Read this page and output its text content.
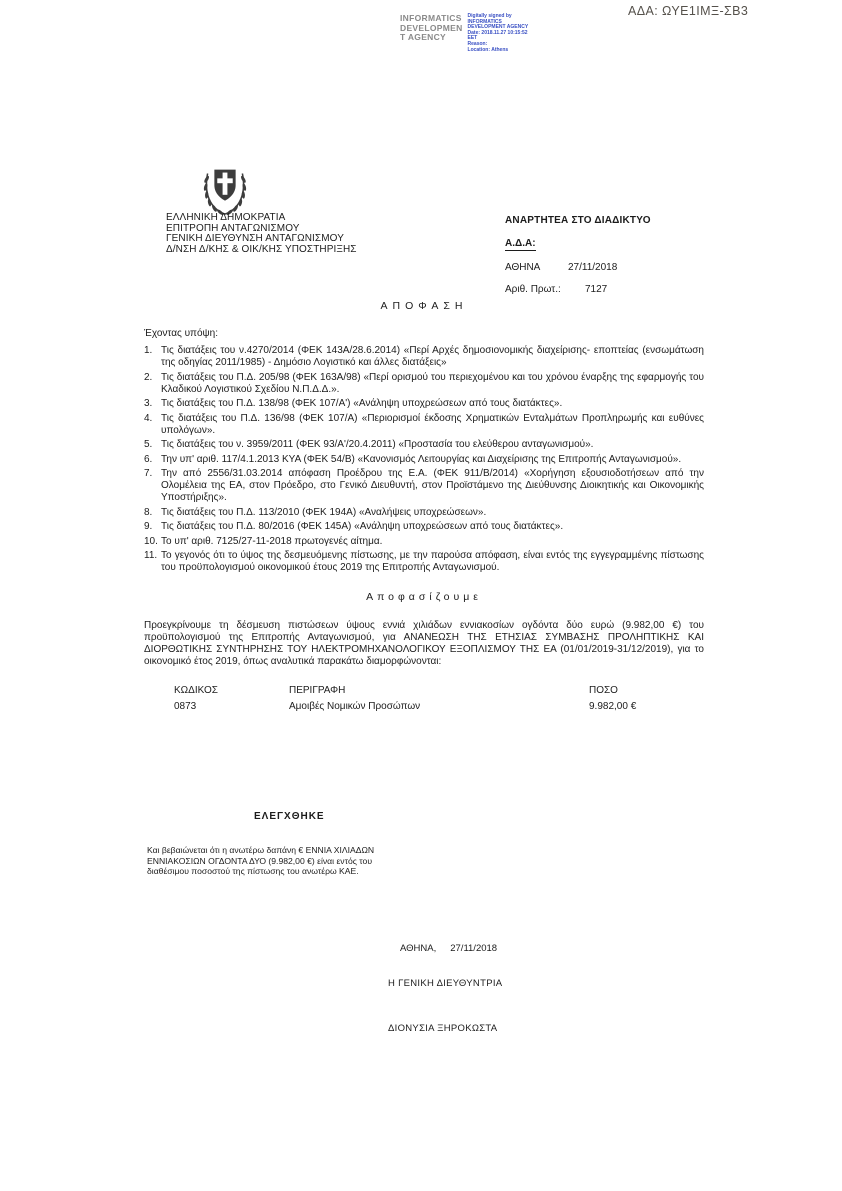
ΑΔΑ: ΩΥΕ1ΙΜΞ-ΣΒ3
INFORMATICS
DEVELOPMEN
T AGENCY
Digitally signed by
INFORMATICS
DEVELOPMENT AGENCY
Date: 2018.11.27 10:15:52
EET
Reason:
Location: Athens
ΕΛΛΗΝΙΚΗ ΔΗΜΟΚΡΑΤΙΑ
ΕΠΙΤΡΟΠΗ ΑΝΤΑΓΩΝΙΣΜΟΥ
ΓΕΝΙΚΗ ΔΙΕΥΘΥΝΣΗ ΑΝΤΑΓΩΝΙΣΜΟΥ
Δ/ΝΣΗ Δ/ΚΗΣ & ΟΙΚ/ΚΗΣ ΥΠΟΣΤΗΡΙΞΗΣ
ΑΝΑΡΤΗΤΕΑ ΣΤΟ ΔΙΑΔΙΚΤΥΟ
Α.Δ.Α:
ΑΘΗΝΑ	27/11/2018
Αριθ. Πρωτ.: 7127
ΑΠΟΦΑΣΗ
Έχοντας υπόψη:
1. Τις διατάξεις του ν.4270/2014 (ΦΕΚ 143Α/28.6.2014) «Περί Αρχές δημοσιονομικής διαχείρισης- εποπτείας (ενσωμάτωση της οδηγίας 2011/1985) - Δημόσιο Λογιστικό και άλλες διατάξεις»
2. Τις διατάξεις του Π.Δ. 205/98 (ΦΕΚ 163Α/98) «Περί ορισμού του περιεχομένου και του χρόνου έναρξης της εφαρμογής του Κλαδικού Λογιστικού Σχεδίου Ν.Π.Δ.Δ.».
3. Τις διατάξεις του Π.Δ. 138/98 (ΦΕΚ 107/Α') «Ανάληψη υποχρεώσεων από τους διατάκτες».
4. Τις διατάξεις του Π.Δ. 136/98 (ΦΕΚ 107/Α) «Περιορισμοί έκδοσης Χρηματικών Ενταλμάτων Προπληρωμής και ευθύνες υπολόγων».
5. Τις διατάξεις του ν. 3959/2011 (ΦΕΚ 93/Α'/20.4.2011) «Προστασία του ελεύθερου ανταγωνισμού».
6. Την υπ' αριθ. 117/4.1.2013 ΚΥΑ (ΦΕΚ 54/Β) «Κανονισμός Λειτουργίας και Διαχείρισης της Επιτροπής Ανταγωνισμού».
7. Την από 2556/31.03.2014 απόφαση Προέδρου της Ε.Α. (ΦΕΚ 911/Β/2014) «Χορήγηση εξουσιοδοτήσεων από την Ολομέλεια της ΕΑ, στον Πρόεδρο, στο Γενικό Διευθυντή, στον Προϊστάμενο της Διεύθυνσης Διοικητικής και Οικονομικής Υποστήριξης».
8. Τις διατάξεις του Π.Δ. 113/2010 (ΦΕΚ 194Α) «Αναλήψεις υποχρεώσεων».
9. Τις διατάξεις του Π.Δ. 80/2016 (ΦΕΚ 145Α) «Ανάληψη υποχρεώσεων από τους διατάκτες».
10. Το υπ' αριθ. 7125/27-11-2018 πρωτογενές αίτημα.
11. Το γεγονός ότι το ύψος της δεσμευόμενης πίστωσης, με την παρούσα απόφαση, είναι εντός της εγγεγραμμένης πίστωσης του προϋπολογισμού οικονομικού έτους 2019 της Επιτροπής Ανταγωνισμού.
Αποφασίζουμε
Προεγκρίνουμε τη δέσμευση πιστώσεων ύψους εννιά χιλιάδων εννιακοσίων ογδόντα δύο ευρώ (9.982,00 €) του προϋπολογισμού της Επιτροπής Ανταγωνισμού, για ΑΝΑΝΕΩΣΗ ΤΗΣ ΕΤΗΣΙΑΣ ΣΥΜΒΑΣΗΣ ΠΡΟΛΗΠΤΙΚΗΣ ΚΑΙ ΔΙΟΡΘΩΤΙΚΗΣ ΣΥΝΤΗΡΗΣΗΣ ΤΟΥ ΗΛΕΚΤΡΟΜΗΧΑΝΟΛΟΓΙΚΟΥ ΕΞΟΠΛΙΣΜΟΥ ΤΗΣ ΕΑ (01/01/2019-31/12/2019), για το οικονομικό έτος 2019, όπως αναλυτικά παρακάτω διαμορφώνονται:
ΚΩΔΙΚΟΣ	ΠΕΡΙΓΡΑΦΗ	ΠΟΣΟ
0873	Αμοιβές Νομικών Προσώπων	9.982,00 €
ΕΛΕΓΧΘΗΚΕ
Και βεβαιώνεται ότι η ανωτέρω δαπάνη € ΕΝΝΙΑ ΧΙΛΙΑΔΩΝ ΕΝΝΙΑΚΟΣΙΩΝ ΟΓΔΟΝΤΑ ΔΥΟ (9.982,00 €) είναι εντός του διαθέσιμου ποσοστού της πίστωσης του ανωτέρω ΚΑΕ.
ΑΘΗΝΑ, 27/11/2018
Η ΓΕΝΙΚΗ ΔΙΕΥΘΥΝΤΡΙΑ
ΔΙΟΝΥΣΙΑ ΞΗΡΟΚΩΣΤΑ
